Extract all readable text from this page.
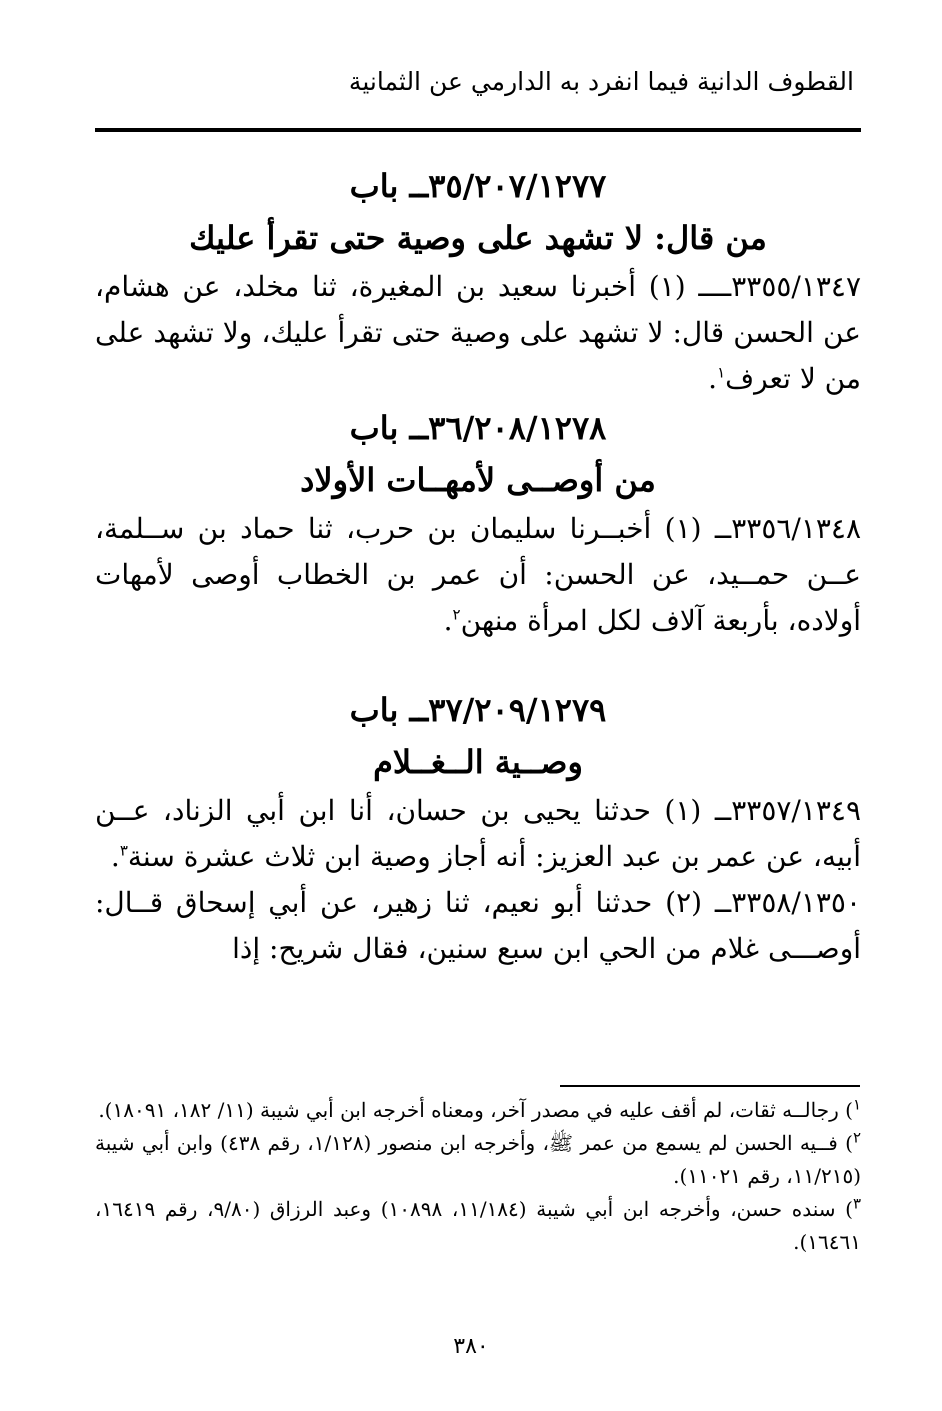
القطوف الدانية فيما انفرد به الدارمي عن الثمانية
٣٥/٢٠٧/١٢٧٧ــ باب
من قال: لا تشهد على وصية حتى تقرأ عليك
٣٣٥٥/١٣٤٧ــــ (١) أخبرنا سعيد بن المغيرة، ثنا مخلد، عن هشام، عن الحسن قال: لا تشهد على وصية حتى تقرأ عليك، ولا تشهد على من لا تعرف$^١$.
٣٦/٢٠٨/١٢٧٨ــ باب
من أوصــى لأمهــات الأولاد
٣٣٥٦/١٣٤٨ــ (١) أخبــرنا سليمان بن حرب، ثنا حماد بن ســلمة، عــن حمــيد، عن الحسن: أن عمر بن الخطاب أوصى لأمهات أولاده، بأربعة آلاف لكل امرأة منهن$^٢$.
٣٧/٢٠٩/١٢٧٩ــ باب
وصــية الــغــلام
٣٣٥٧/١٣٤٩ــ (١) حدثنا يحيى بن حسان، أنا ابن أبي الزناد، عــن أبيه، عن عمر بن عبد العزيز: أنه أجاز وصية ابن ثلاث عشرة سنة$^٣$.
٣٣٥٨/١٣٥٠ــ (٢) حدثنا أبو نعيم، ثنا زهير، عن أبي إسحاق قــال: أوصـــى غلام من الحي ابن سبع سنين، فقال شريح: إذا
$^١$) رجالــه ثقات، لم أقف عليه في مصدر آخر، ومعناه أخرجه ابن أبي شيبة (١١/ ١٨٢، ١٨٠٩١).
$^٢$) فــيه الحسن لم يسمع من عمر ﷺ، وأخرجه ابن منصور (١/١٢٨، رقم ٤٣٨) وابن أبي شيبة (١١/٢١٥، رقم ١١٠٢١).
$^٣$) سنده حسن، وأخرجه ابن أبي شيبة (١١/١٨٤، ١٠٨٩٨) وعبد الرزاق (٩/٨٠، رقم ١٦٤١٩، ١٦٤٦١).
٣٨٠
